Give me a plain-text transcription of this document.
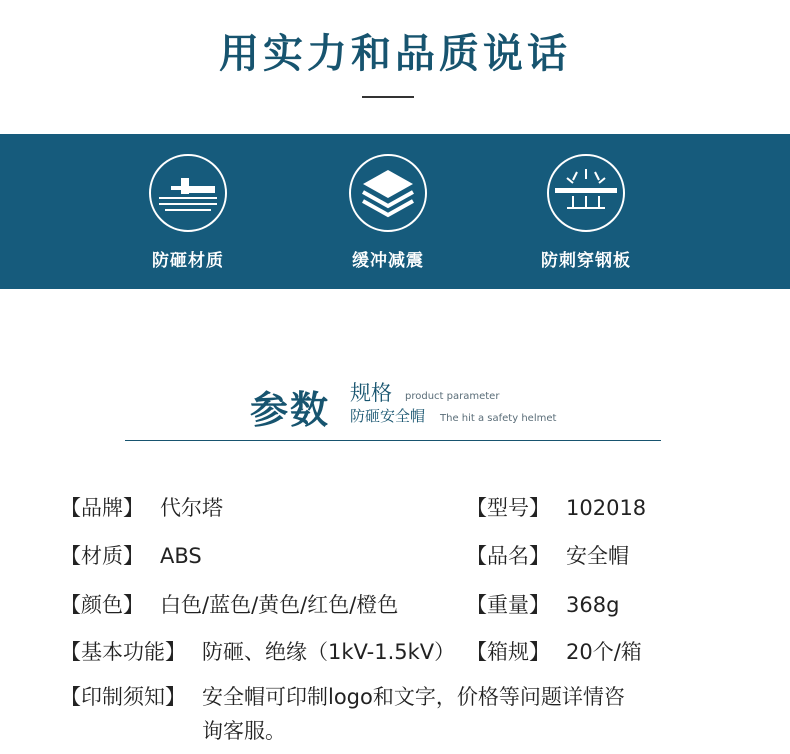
用实力和品质说话
防砸材质	缓冲减震	防刺穿钢板
参数 规格 product parameter
防砸安全帽 The hit a safety helmet
【品牌】 代尔塔	【型号】 102018
【材质】 ABS	【品名】 安全帽
【颜色】 白色/蓝色/黄色/红色/橙色	【重量】 368g
【基本功能】 防砸、绝缘（1kV-1.5kV） 【箱规】 20个/箱
【印制须知】 安全帽可印制logo和文字，价格等问题详情咨询客服。
